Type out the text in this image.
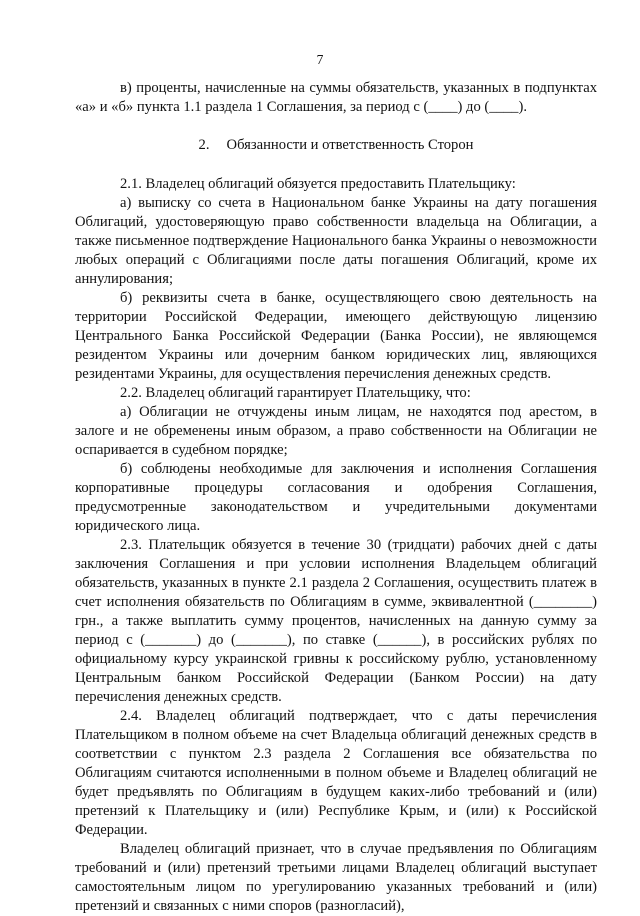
7

в) проценты, начисленные на суммы обязательств, указанных в подпунктах «а» и «б» пункта 1.1 раздела 1 Соглашения, за период с (____) до (____).

2. Обязанности и ответственность Сторон

2.1. Владелец облигаций обязуется предоставить Плательщику:

а) выписку со счета в Национальном банке Украины на дату погашения Облигаций, удостоверяющую право собственности владельца на Облигации, а также письменное подтверждение Национального банка Украины о невозможности любых операций с Облигациями после даты погашения Облигаций, кроме их аннулирования;

б) реквизиты счета в банке, осуществляющего свою деятельность на территории Российской Федерации, имеющего действующую лицензию Центрального Банка Российской Федерации (Банка России), не являющемся резидентом Украины или дочерним банком юридических лиц, являющихся резидентами Украины, для осуществления перечисления денежных средств.

2.2. Владелец облигаций гарантирует Плательщику, что:

а) Облигации не отчуждены иным лицам, не находятся под арестом, в залоге и не обременены иным образом, а право собственности на Облигации не оспаривается в судебном порядке;

б) соблюдены необходимые для заключения и исполнения Соглашения корпоративные процедуры согласования и одобрения Соглашения, предусмотренные законодательством и учредительными документами юридического лица.

2.3. Плательщик обязуется в течение 30 (тридцати) рабочих дней с даты заключения Соглашения и при условии исполнения Владельцем облигаций обязательств, указанных в пункте 2.1 раздела 2 Соглашения, осуществить платеж в счет исполнения обязательств по Облигациям в сумме, эквивалентной (________) грн., а также выплатить сумму процентов, начисленных на данную сумму за период с (_______) до (_______), по ставке (______), в российских рублях по официальному курсу украинской гривны к российскому рублю, установленному Центральным банком Российской Федерации (Банком России) на дату перечисления денежных средств.

2.4. Владелец облигаций подтверждает, что с даты перечисления Плательщиком в полном объеме на счет Владельца облигаций денежных средств в соответствии с пунктом 2.3 раздела 2 Соглашения все обязательства по Облигациям считаются исполненными в полном объеме и Владелец облигаций не будет предъявлять по Облигациям в будущем каких-либо требований и (или) претензий к Плательщику и (или) Республике Крым, и (или) к Российской Федерации.

Владелец облигаций признает, что в случае предъявления по Облигациям требований и (или) претензий третьими лицами Владелец облигаций выступает самостоятельным лицом по урегулированию указанных требований и (или) претензий и связанных с ними споров (разногласий),
